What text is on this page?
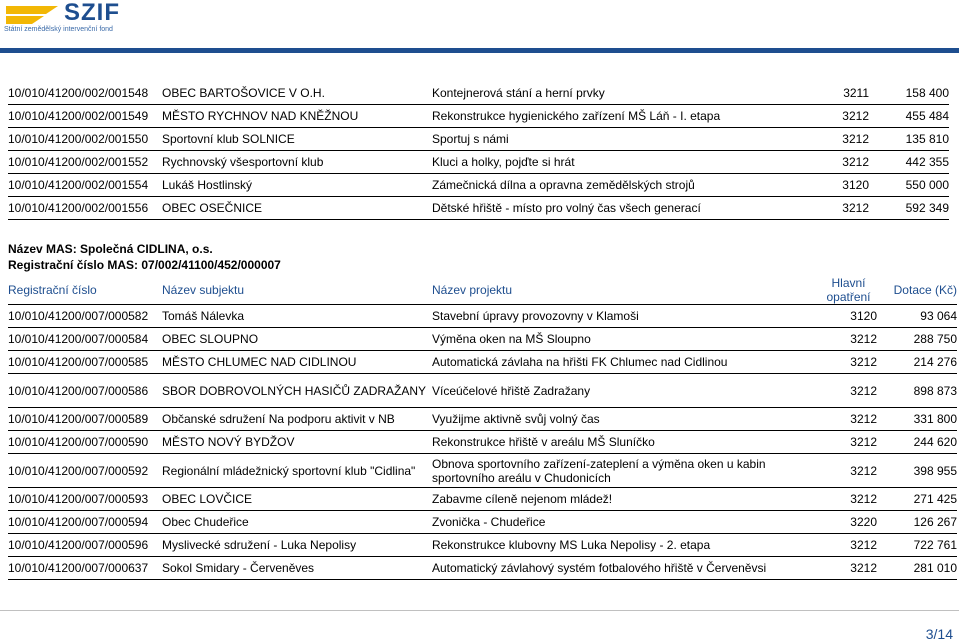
SZIF
Státní zemědělský intervenční fond
10/010/41200/002/001548	OBEC BARTOŠOVICE V O.H.	Kontejnerová stání a herní prvky	3211	158 400
10/010/41200/002/001549	MĚSTO RYCHNOV NAD KNĚŽNOU	Rekonstrukce hygienického zařízení MŠ Láň - I. etapa	3212	455 484
10/010/41200/002/001550	Sportovní klub SOLNICE	Sportuj s námi	3212	135 810
10/010/41200/002/001552	Rychnovský všesportovní klub	Kluci a holky, pojďte si hrát	3212	442 355
10/010/41200/002/001554	Lukáš Hostlinský	Zámečnická dílna a opravna zemědělských strojů	3120	550 000
10/010/41200/002/001556	OBEC OSEČNICE	Dětské hřiště - místo pro volný čas všech generací	3212	592 349
Název MAS: Společná CIDLINA, o.s.
Registrační číslo MAS: 07/002/41100/452/000007
Registrační číslo	Název subjektu	Název projektu	Hlavní opatření	Dotace (Kč)
10/010/41200/007/000582	Tomáš Nálevka	Stavební úpravy provozovny v Klamoši	3120	93 064
10/010/41200/007/000584	OBEC SLOUPNO	Výměna oken na MŠ Sloupno	3212	288 750
10/010/41200/007/000585	MĚSTO CHLUMEC NAD CIDLINOU	Automatická závlaha na hřišti FK Chlumec nad Cidlinou	3212	214 276
10/010/41200/007/000586	SBOR DOBROVOLNÝCH HASIČŮ ZADRAŽANY	Víceúčelové hřiště Zadražany	3212	898 873
10/010/41200/007/000589	Občanské sdružení Na podporu aktivit v NB	Využijme aktivně svůj volný čas	3212	331 800
10/010/41200/007/000590	MĚSTO NOVÝ BYDŽOV	Rekonstrukce hřiště v areálu MŠ Sluníčko	3212	244 620
10/010/41200/007/000592	Regionální mládežnický sportovní klub "Cidlina"	Obnova sportovního zařízení-zateplení a výměna oken u kabin sportovního areálu v Chudonicích	3212	398 955
10/010/41200/007/000593	OBEC LOVČICE	Zabavme cíleně nejenom mládež!	3212	271 425
10/010/41200/007/000594	Obec Chudeřice	Zvonička - Chudeřice	3220	126 267
10/010/41200/007/000596	Myslivecké sdružení - Luka Nepolisy	Rekonstrukce klubovny MS Luka Nepolisy - 2. etapa	3212	722 761
10/010/41200/007/000637	Sokol Smidary - Červeněves	Automatický závlahový systém fotbalového hřiště v Červeněvsi	3212	281 010
3/14
